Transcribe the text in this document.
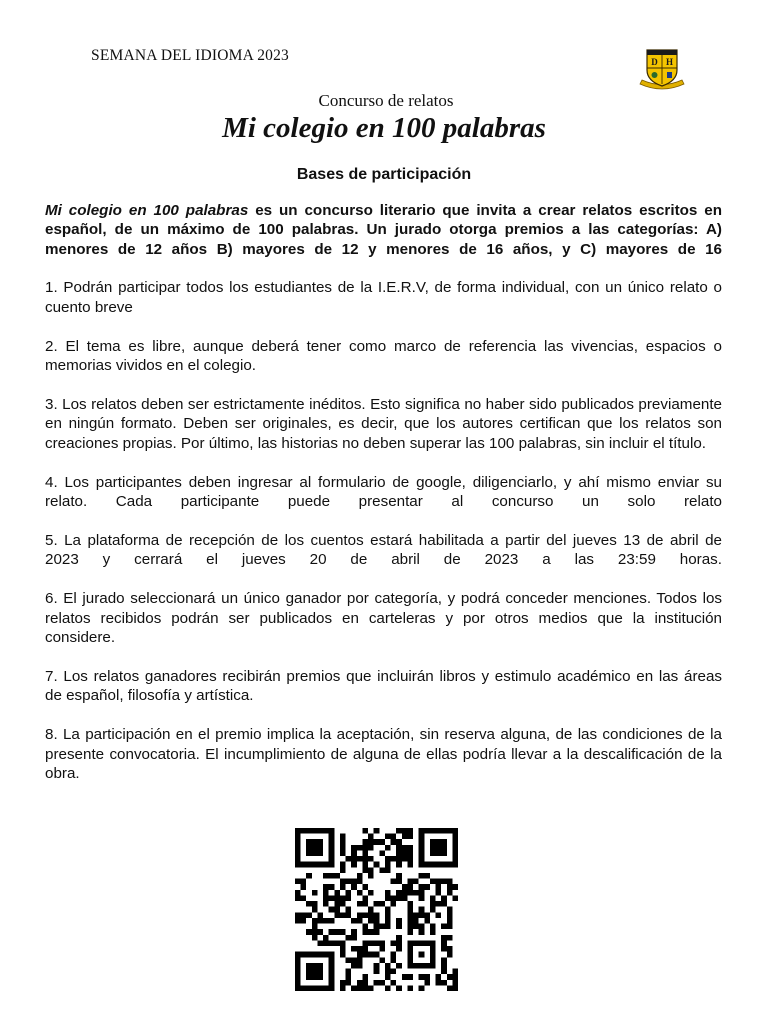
SEMANA DEL IDIOMA 2023	D H
Concurso de relatos
Mi colegio en 100 palabras
Bases de participación

Mi colegio en 100 palabras es un concurso literario que invita a crear relatos escritos en español, de un máximo de 100 palabras. Un jurado otorga premios a las categorías: A) menores de 12 años B) mayores de 12 y menores de 16 años, y C) mayores de 16

1. Podrán participar todos los estudiantes de la I.E.R.V, de forma individual, con un único relato o cuento breve

2. El tema es libre, aunque deberá tener como marco de referencia las vivencias, espacios o memorias vividos en el colegio.

3. Los relatos deben ser estrictamente inéditos. Esto significa no haber sido publicados previamente en ningún formato. Deben ser originales, es decir, que los autores certifican que los relatos son creaciones propias. Por último, las historias no deben superar las 100 palabras, sin incluir el título.

4. Los participantes deben ingresar al formulario de google, diligenciarlo, y ahí mismo enviar su relato. Cada participante puede presentar al concurso un solo relato

5. La plataforma de recepción de los cuentos estará habilitada a partir del jueves 13 de abril de 2023 y cerrará el jueves 20 de abril de 2023 a las 23:59 horas.

6. El jurado seleccionará un único ganador por categoría, y podrá conceder menciones. Todos los relatos recibidos podrán ser publicados en carteleras y por otros medios que la institución considere.

7. Los relatos ganadores recibirán premios que incluirán libros y estimulo académico en las áreas de español, filosofía y artística.

8. La participación en el premio implica la aceptación, sin reserva alguna, de las condiciones de la presente convocatoria. El incumplimiento de alguna de ellas podría llevar a la descalificación de la obra.
